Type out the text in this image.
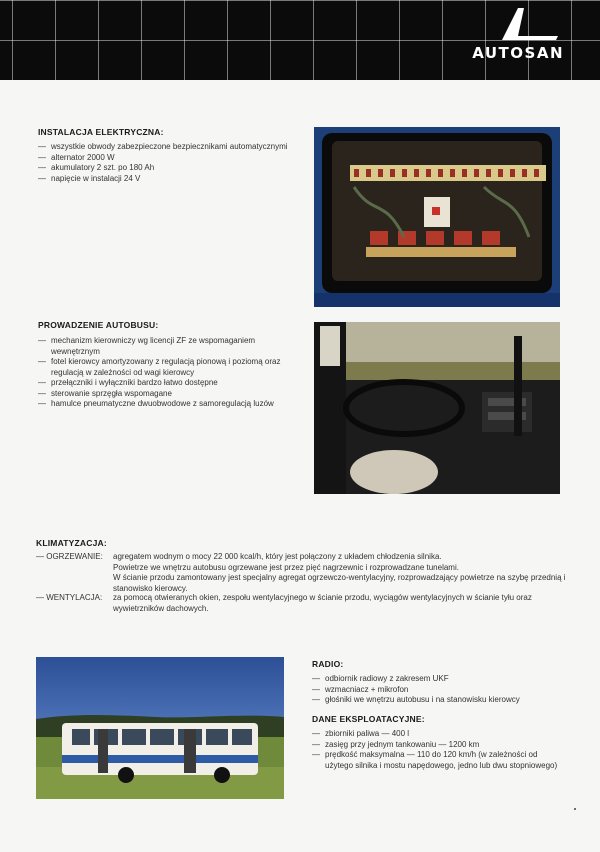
AUTOSAN
INSTALACJA ELEKTRYCZNA:
— wszystkie obwody zabezpieczone bezpiecznikami automatycznymi
— alternator 2000 W
— akumulatory 2 szt. po 180 Ah
— napięcie w instalacji 24 V
PROWADZENIE AUTOBUSU:
— mechanizm kierowniczy wg licencji ZF ze wspomaganiem wewnętrznym
— fotel kierowcy amortyzowany z regulacją pionową i poziomą oraz regulacją w zależności od wagi kierowcy
— przełączniki i wyłączniki bardzo łatwo dostępne
— sterowanie sprzęgła wspomagane
— hamulce pneumatyczne dwuobwodowe z samoregulacją luzów
KLIMATYZACJA:
— OGRZEWANIE: agregatem wodnym o mocy 22 000 kcal/h, który jest połączony z układem chłodzenia silnika.
Powietrze we wnętrzu autobusu ogrzewane jest przez pięć nagrzewnic i rozprowadzane tunelami.
W ścianie przodu zamontowany jest specjalny agregat ogrzewczo-wentylacyjny, rozprowadzający powietrze na szybę przednią i stanowisko kierowcy.
— WENTYLACJA: za pomocą otwieranych okien, zespołu wentylacyjnego w ścianie przodu, wyciągów wentylacyjnych w ścianie tyłu oraz wywietrzników dachowych.
RADIO:
— odbiornik radiowy z zakresem UKF
— wzmacniacz + mikrofon
— głośniki we wnętrzu autobusu i na stanowisku kierowcy
DANE EKSPLOATACYJNE:
— zbiorniki paliwa — 400 l
— zasięg przy jednym tankowaniu — 1200 km
— prędkość maksymalna — 110 do 120 km/h (w zależności od użytego silnika i mostu napędowego, jedno lub dwu stopniowego)
